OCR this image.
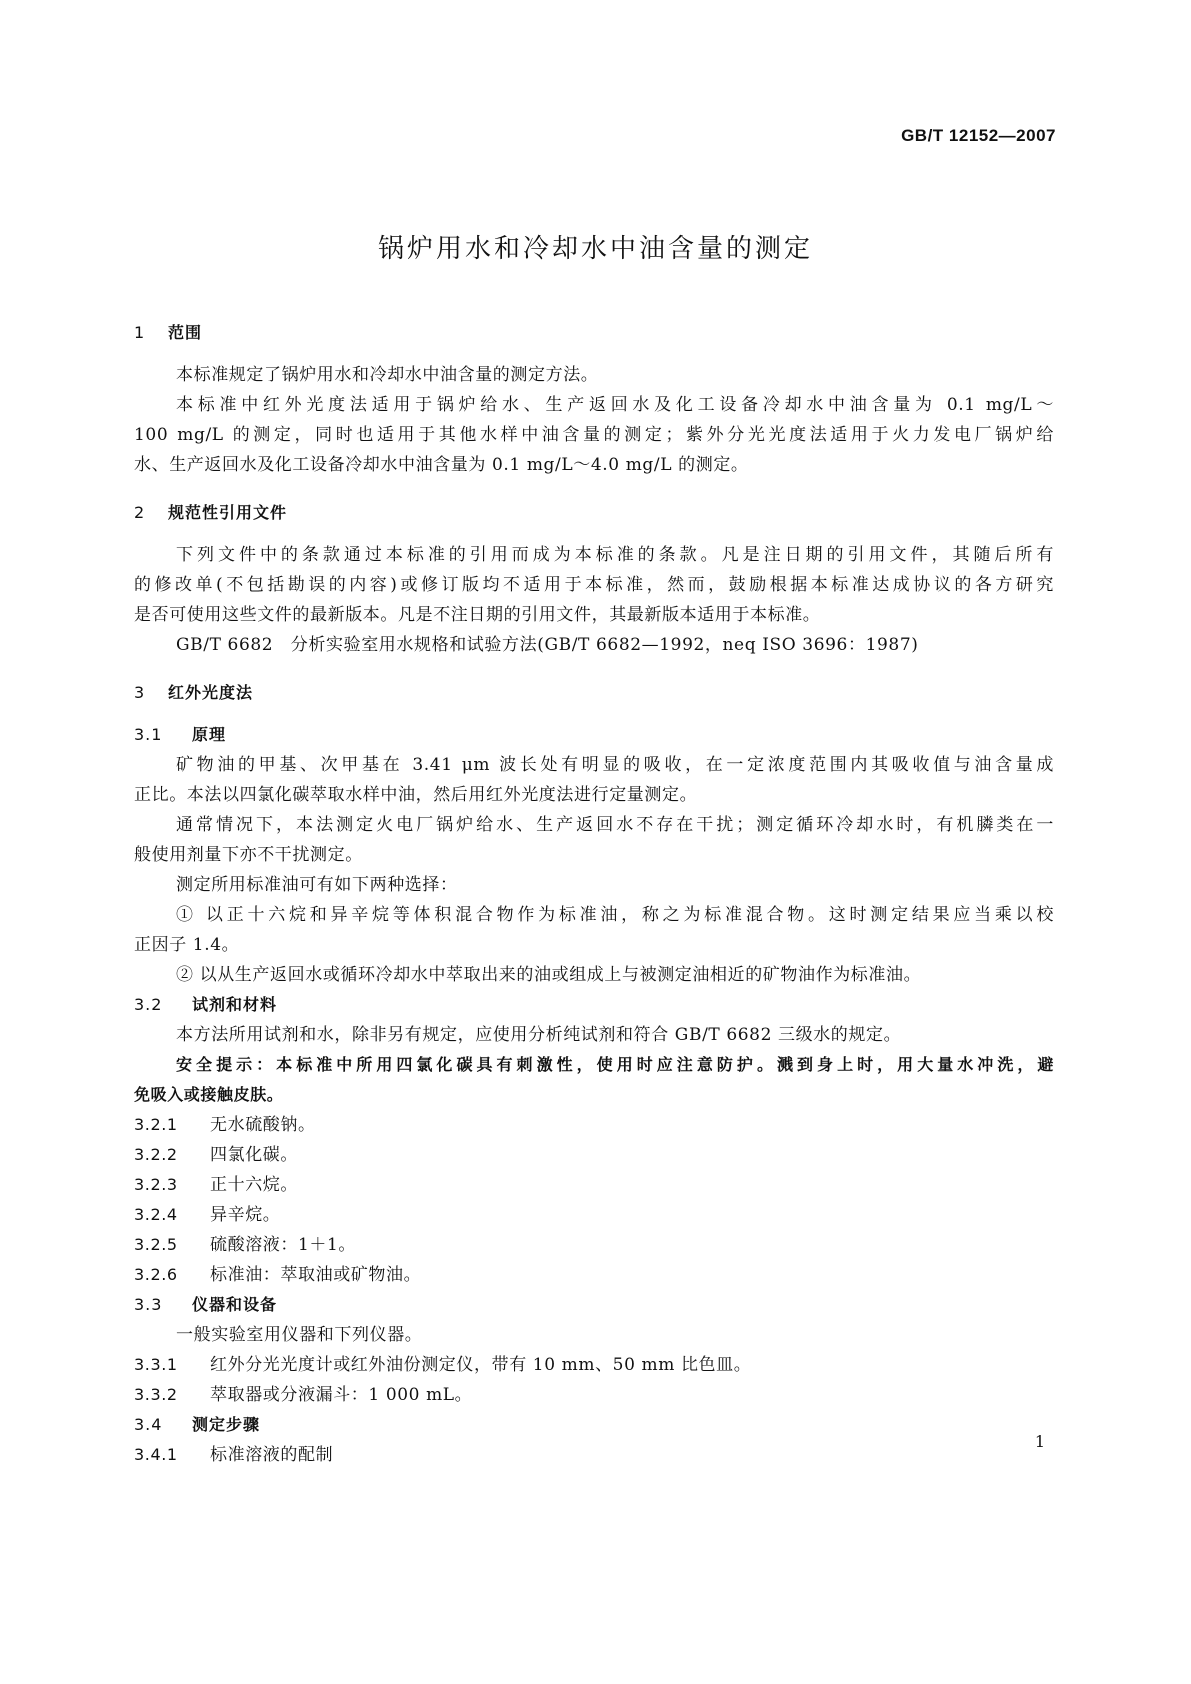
GB/T 12152—2007
锅炉用水和冷却水中油含量的测定
1 范围
本标准规定了锅炉用水和冷却水中油含量的测定方法。
本标准中红外光度法适用于锅炉给水、生产返回水及化工设备冷却水中油含量为 0.1 mg/L～
100 mg/L 的测定，同时也适用于其他水样中油含量的测定；紫外分光光度法适用于火力发电厂锅炉给
水、生产返回水及化工设备冷却水中油含量为 0.1 mg/L～4.0 mg/L 的测定。
2 规范性引用文件
下列文件中的条款通过本标准的引用而成为本标准的条款。凡是注日期的引用文件，其随后所有
的修改单(不包括勘误的内容)或修订版均不适用于本标准，然而，鼓励根据本标准达成协议的各方研究
是否可使用这些文件的最新版本。凡是不注日期的引用文件，其最新版本适用于本标准。
GB/T 6682　分析实验室用水规格和试验方法(GB/T 6682—1992，neq ISO 3696：1987)
3 红外光度法
3.1 原理
矿物油的甲基、次甲基在 3.41 μm 波长处有明显的吸收，在一定浓度范围内其吸收值与油含量成
正比。本法以四氯化碳萃取水样中油，然后用红外光度法进行定量测定。
通常情况下，本法测定火电厂锅炉给水、生产返回水不存在干扰；测定循环冷却水时，有机膦类在一
般使用剂量下亦不干扰测定。
测定所用标准油可有如下两种选择：
① 以正十六烷和异辛烷等体积混合物作为标准油，称之为标准混合物。这时测定结果应当乘以校
正因子 1.4。
② 以从生产返回水或循环冷却水中萃取出来的油或组成上与被测定油相近的矿物油作为标准油。
3.2 试剂和材料
本方法所用试剂和水，除非另有规定，应使用分析纯试剂和符合 GB/T 6682 三级水的规定。
安全提示：本标准中所用四氯化碳具有刺激性，使用时应注意防护。溅到身上时，用大量水冲洗，避
免吸入或接触皮肤。
3.2.1 无水硫酸钠。
3.2.2 四氯化碳。
3.2.3 正十六烷。
3.2.4 异辛烷。
3.2.5 硫酸溶液：1＋1。
3.2.6 标准油：萃取油或矿物油。
3.3 仪器和设备
一般实验室用仪器和下列仪器。
3.3.1 红外分光光度计或红外油份测定仪，带有 10 mm、50 mm 比色皿。
3.3.2 萃取器或分液漏斗：1 000 mL。
3.4 测定步骤
3.4.1 标准溶液的配制
1
